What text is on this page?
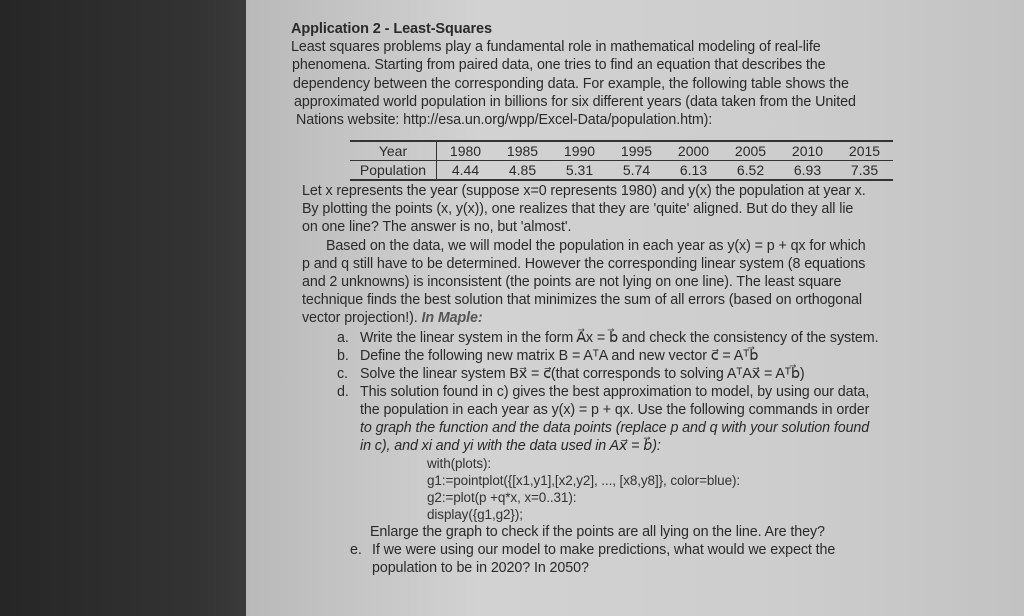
Application 2 - Least-Squares
Least squares problems play a fundamental role in mathematical modeling of real-life
phenomena. Starting from paired data, one tries to find an equation that describes the
dependency between the corresponding data. For example, the following table shows the
approximated world population in billions for six different years (data taken from the United
Nations website: http://esa.un.org/wpp/Excel-Data/population.htm):
Year	1980	1985	1990	1995	2000	2005	2010	2015
Population	4.44	4.85	5.31	5.74	6.13	6.52	6.93	7.35
Let x represents the year (suppose x=0 represents 1980) and y(x) the population at year x.
By plotting the points (x, y(x)), one realizes that they are 'quite' aligned. But do they all lie
on one line? The answer is no, but 'almost'.
Based on the data, we will model the population in each year as y(x) = p + qx for which
p and q still have to be determined. However the corresponding linear system (8 equations
and 2 unknowns) is inconsistent (the points are not lying on one line). The least square
technique finds the best solution that minimizes the sum of all errors (based on orthogonal
vector projection!). In Maple:
a. Write the linear system in the form A⃗x = b⃗ and check the consistency of the system.
b. Define the following new matrix B = AᵀA and new vector c⃗ = Aᵀb⃗
c. Solve the linear system Bx⃗ = c⃗(that corresponds to solving AᵀAx⃗ = Aᵀb⃗)
d. This solution found in c) gives the best approximation to model, by using our data,
the population in each year as y(x) = p + qx. Use the following commands in order
to graph the function and the data points (replace p and q with your solution found
in c), and xi and yi with the data used in Ax⃗ = b⃗):
with(plots):
g1:=pointplot({[x1,y1],[x2,y2], ..., [x8,y8]}, color=blue):
g2:=plot(p +q*x, x=0..31):
display({g1,g2});
Enlarge the graph to check if the points are all lying on the line. Are they?
e. If we were using our model to make predictions, what would we expect the
population to be in 2020? In 2050?
